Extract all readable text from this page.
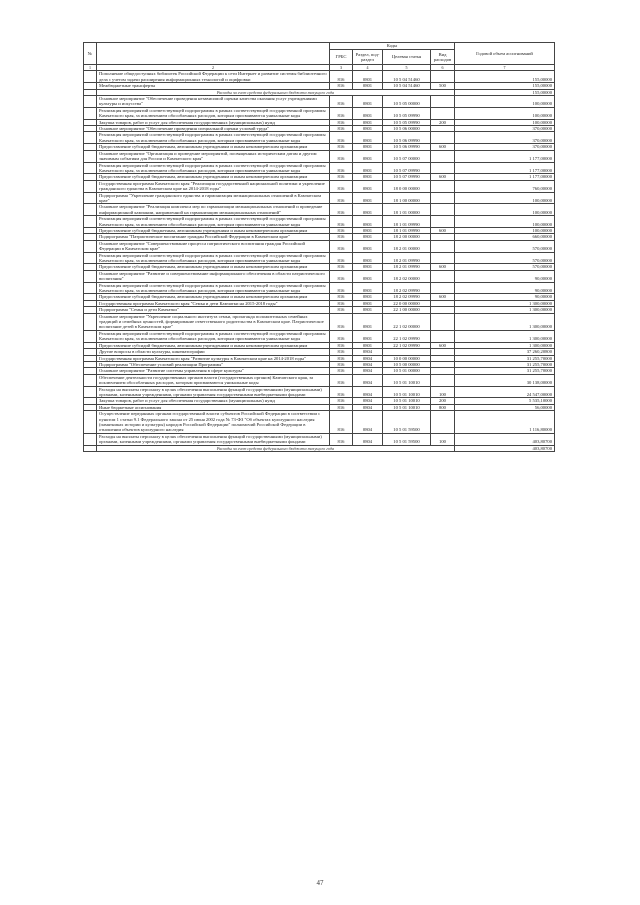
№		Коды				Годовой объем ассигнований
		ГРБС	Раздел, под-раздел	Целевая статья	Вид расходов	
1	2	3	4	5	6	7
	Пополнение общедоступных библиотек Российской Федерации к сети Интернет и развитие системы библиотечного дела с учетом задачи расширения информационных технологий и оцифровки	816	0801	10 5 04 51460		155,00000
	Межбюджетные трансферты	816	0801	10 5 04 51460	500	155,00000
	Расходы за счет средств федерального бюджета текущего года					155,00000
	Основное мероприятие "Обеспечение проведения независимой оценки качества оказания услуг учреждениями культуры и искусства"	816	0801	10 5 05 00000		100,00000
	Реализация мероприятий соответствующей подпрограммы в рамках соответствующей государственной программы Камчатского края, за исключением обособленных расходов, которым присваиваются уникальные коды	816	0801	10 5 05 09990		100,00000
	Закупка товаров, работ и услуг для обеспечения государственных (муниципальных) нужд	816	0801	10 5 05 09990	200	100,00000
	Основное мероприятие "Обеспечение проведения специальной оценки условий труда"	816	0801	10 5 06 00000		370,00000
	Реализация мероприятий соответствующей подпрограммы в рамках соответствующей государственной программы Камчатского края, за исключением обособленных расходов, которым присваиваются уникальные коды	816	0801	10 5 06 09990		370,00000
	Предоставление субсидий бюджетным, автономным учреждениям и иным некоммерческим организациям	816	0801	10 5 06 09990	600	370,00000
	Основное мероприятие "Организация и проведение мероприятий, посвященных историческим датам и другим значимым событиям для России и Камчатского края"	816	0801	10 5 07 00000		1 177,00000
	Реализация мероприятий соответствующей подпрограммы в рамках соответствующей государственной программы Камчатского края, за исключением обособленных расходов, которым присваиваются уникальные коды	816	0801	10 5 07 09990		1 177,00000
	Предоставление субсидий бюджетным, автономным учреждениям и иным некоммерческим организациям	816	0801	10 5 07 09990	600	1 177,00000
	Государственная программа Камчатского края "Реализация государственной национальной политики и укрепление гражданского единства в Камчатском крае на 2014-2018 годы"	816	0801	18 0 00 00000		760,00000
	Подпрограмма "Укрепление гражданского единства и гармонизация межнациональных отношений в Камчатском крае"	816	0801	18 1 00 00000		100,00000
	Основное мероприятие "Реализация комплекса мер по гармонизации межнациональных отношений и проведение информационной кампании, направленной на гармонизацию межнациональных отношений"	816	0801	18 1 01 00000		100,00000
	Реализация мероприятий соответствующей подпрограммы в рамках соответствующей государственной программы Камчатского края, за исключением обособленных расходов, которым присваиваются уникальные коды	816	0801	18 1 01 09990		100,00000
	Предоставление субсидий бюджетным, автономным учреждениям и иным некоммерческим организациям	816	0801	18 1 01 09990	600	100,00000
	Подпрограмма "Патриотическое воспитание граждан Российской Федерации в Камчатском крае"	816	0801	18 2 00 00000		660,00000
	Основное мероприятие "Совершенствование процесса патриотического воспитания граждан Российской Федерации в Камчатском крае"	816	0801	18 2 01 00000		570,00000
	Реализация мероприятий соответствующей подпрограммы в рамках соответствующей государственной программы Камчатского края, за исключением обособленных расходов, которым присваиваются уникальные коды	816	0801	18 2 01 09990		570,00000
	Предоставление субсидий бюджетным, автономным учреждениям и иным некоммерческим организациям	816	0801	18 2 01 09990	600	570,00000
	Основное мероприятие "Развитие и совершенствование информационного обеспечения в области патриотического воспитания"	816	0801	18 2 02 00000		90,00000
	Реализация мероприятий соответствующей подпрограммы в рамках соответствующей государственной программы Камчатского края, за исключением обособленных расходов, которым присваиваются уникальные коды	816	0801	18 2 02 09990		90,00000
	Предоставление субсидий бюджетным, автономным учреждениям и иным некоммерческим организациям	816	0801	18 2 02 09990	600	90,00000
	Государственная программа Камчатского края "Семья и дети Камчатки на 2015-2018 годы"	816	0801	22 0 00 00000		1 300,00000
	Подпрограмма "Семья и дети Камчатки"	816	0801	22 1 00 00000		1 300,00000
	Основное мероприятие "Укрепление социального института семьи, пропаганда положительных семейных традиций и семейных ценностей, формирование ответственного родительства в Камчатском крае. Патриотическое воспитание детей в Камчатском крае"	816	0801	22 1 02 00000		1 300,00000
	Реализация мероприятий соответствующей подпрограммы в рамках соответствующей государственной программы Камчатского края, за исключением обособленных расходов, которым присваиваются уникальные коды	816	0801	22 1 02 09990		1 300,00000
	Предоставление субсидий бюджетным, автономным учреждениям и иным некоммерческим организациям	816	0801	22 1 02 09990	600	1 300,00000
	Другие вопросы в области культуры, кинематографии	816	0804			37 260,20800
	Государственная программа Камчатского края "Развитие культуры в Камчатском крае на 2014-2018 годы"	816	0804	10 0 00 00000		31 255,70000
	Подпрограмма "Обеспечение условий реализации Программы"	816	0804	10 5 00 00000		31 255,70000
	Основное мероприятие "Развитие системы управления в сфере культуры"	816	0804	10 5 01 00000		31 255,70000
	Обеспечение деятельности государственных органов власти (государственных органов) Камчатского края, за исключением обособленных расходов, которым присваиваются уникальные коды	816	0804	10 5 01 10010		30 138,00000
	Расходы на выплаты персоналу в целях обеспечения выполнения функций государственными (муниципальными) органами, казенными учреждениями, органами управления государственными внебюджетными фондами	816	0804	10 5 01 10010	100	24 547,00000
	Закупка товаров, работ и услуг для обеспечения государственных (муниципальных) нужд	816	0804	10 5 01 10010	200	5 535,10000
	Иные бюджетные ассигнования	816	0804	10 5 01 10010	800	56,00000
	Осуществление переданных органам государственной власти субъектов Российской Федерации в соответствии с пунктом 1 статьи 9.1 Федерального закона от 25 июня 2002 года № 73-ФЗ "Об объектах культурного наследия (памятниках истории и культуры) народов Российской Федерации" полномочий Российской Федерации в отношении объектов культурного наследия	816	0804	10 5 01 59500		1 116,80000
	Расходы на выплаты персоналу в целях обеспечения выполнения функций государственными (муниципальными) органами, казенными учреждениями, органами управления государственными внебюджетными фондами	816	0804	10 5 01 59500	100	403,80700
	Расходы за счет средств федерального бюджета текущего года					403,80700
47
